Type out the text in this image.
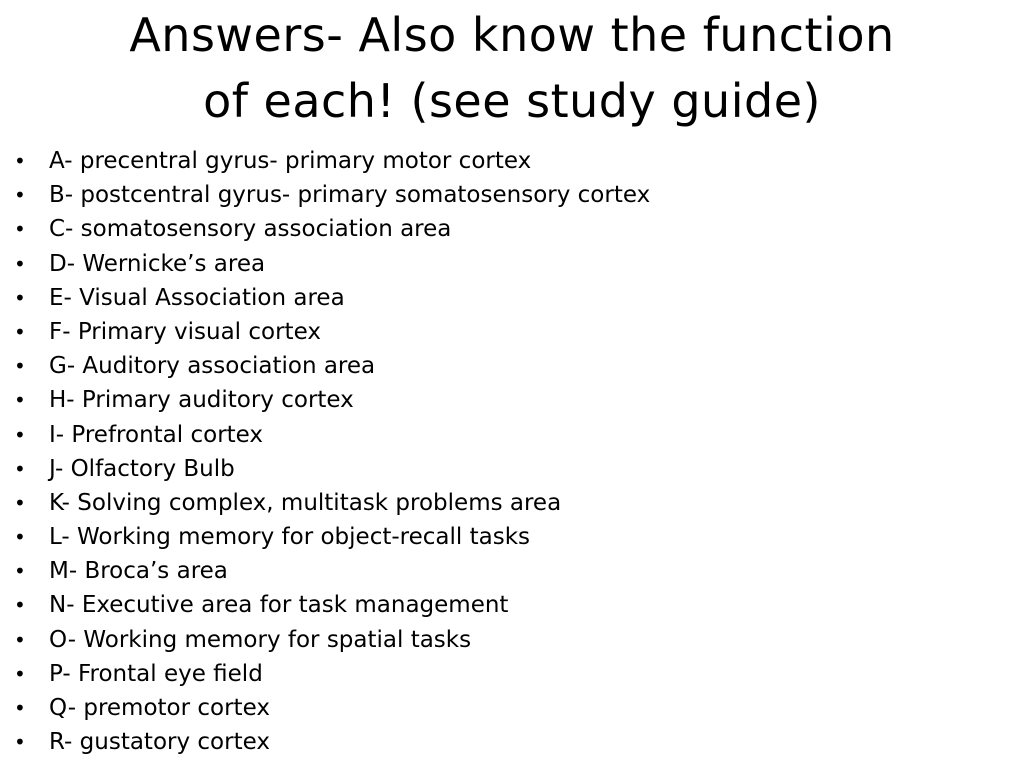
Answers- Also know the function
of each! (see study guide)
• A- precentral gyrus- primary motor cortex
• B- postcentral gyrus- primary somatosensory cortex
• C- somatosensory association area
• D- Wernicke’s area
• E- Visual Association area
• F- Primary visual cortex
• G- Auditory association area
• H- Primary auditory cortex
• I- Prefrontal cortex
• J- Olfactory Bulb
• K- Solving complex, multitask problems area
• L- Working memory for object-recall tasks
• M- Broca’s area
• N- Executive area for task management
• O- Working memory for spatial tasks
• P- Frontal eye field
• Q- premotor cortex
• R- gustatory cortex
